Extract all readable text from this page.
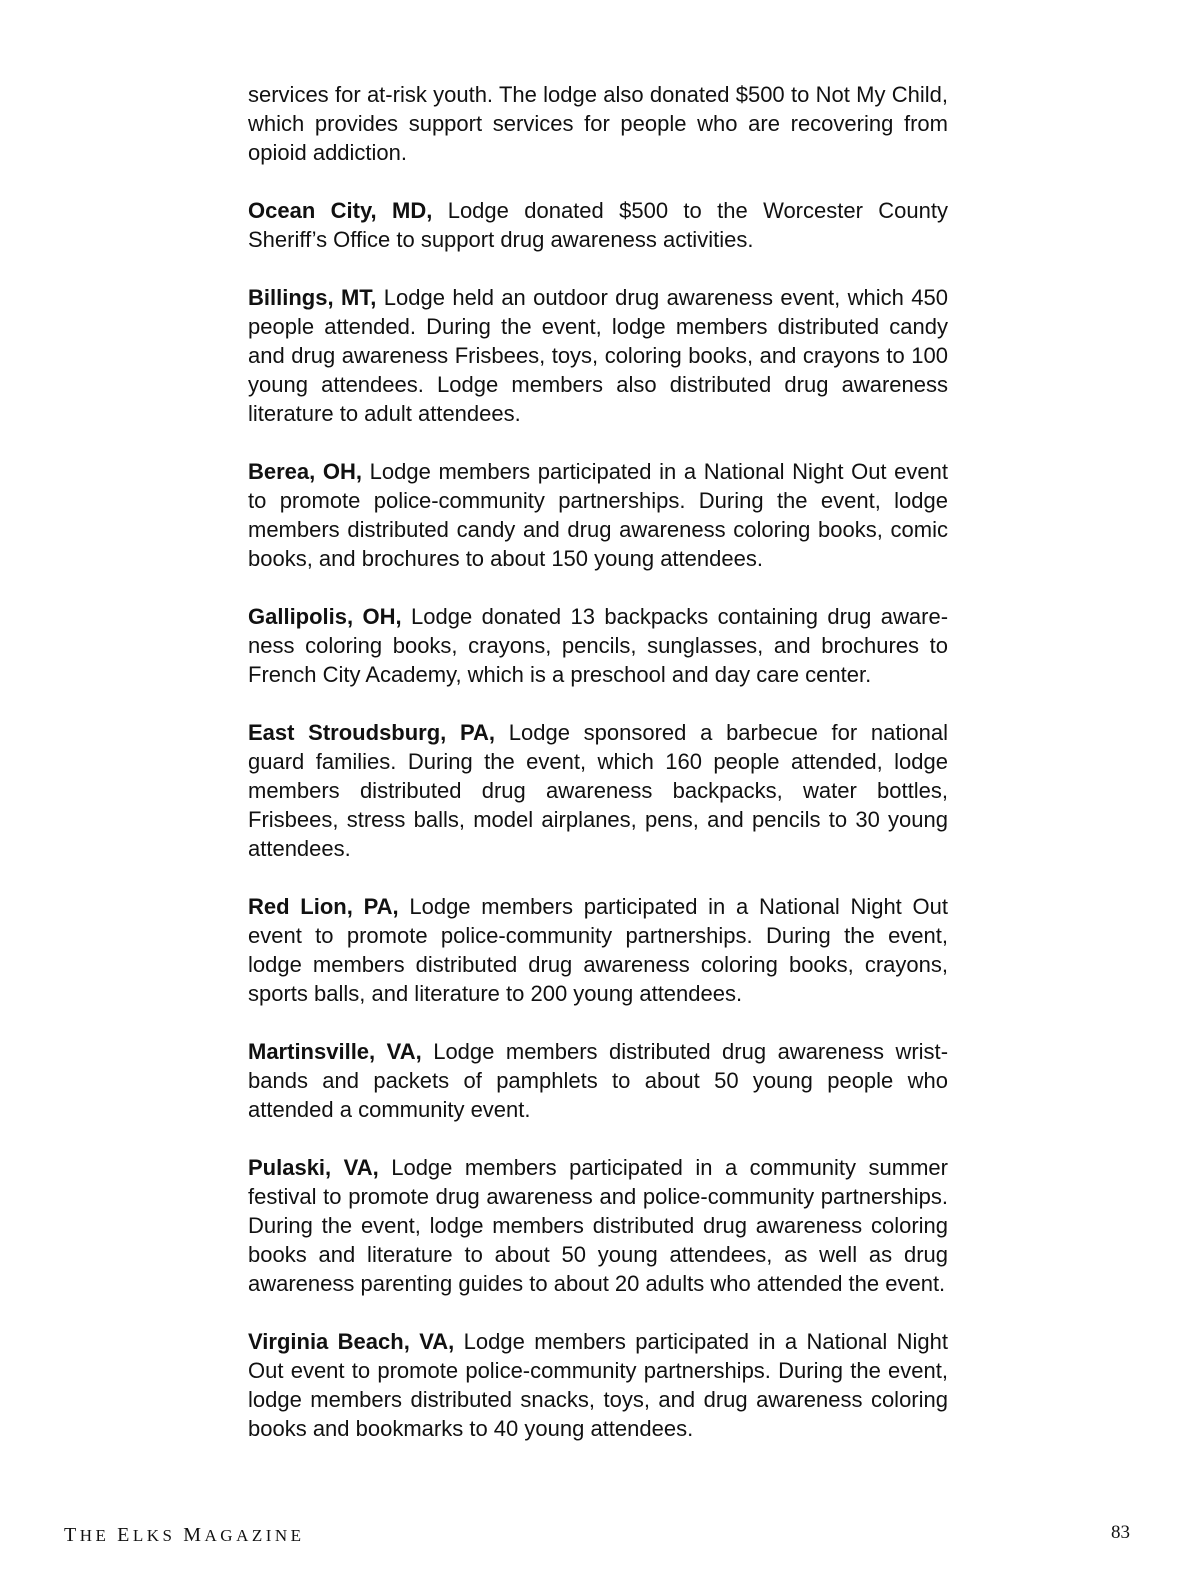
services for at-risk youth. The lodge also donated $500 to Not My Child, which provides support services for people who are recovering from opioid addiction.

Ocean City, MD, Lodge donated $500 to the Worcester County Sheriff’s Office to support drug awareness activities.

Billings, MT, Lodge held an outdoor drug awareness event, which 450 people attended. During the event, lodge members distributed candy and drug awareness Frisbees, toys, coloring books, and crayons to 100 young attendees. Lodge members also distributed drug awareness literature to adult attendees.

Berea, OH, Lodge members participated in a National Night Out event to promote police-community partnerships. During the event, lodge members distributed candy and drug awareness coloring books, comic books, and brochures to about 150 young attendees.

Gallipolis, OH, Lodge donated 13 backpacks containing drug awareness coloring books, crayons, pencils, sunglasses, and brochures to French City Academy, which is a preschool and day care center.

East Stroudsburg, PA, Lodge sponsored a barbecue for national guard families. During the event, which 160 people attended, lodge members distributed drug awareness backpacks, water bottles, Frisbees, stress balls, model airplanes, pens, and pencils to 30 young attendees.

Red Lion, PA, Lodge members participated in a National Night Out event to promote police-community partnerships. During the event, lodge members distributed drug awareness coloring books, crayons, sports balls, and literature to 200 young attendees.

Martinsville, VA, Lodge members distributed drug awareness wristbands and packets of pamphlets to about 50 young people who attended a community event.

Pulaski, VA, Lodge members participated in a community summer festival to promote drug awareness and police-community partnerships. During the event, lodge members distributed drug awareness coloring books and literature to about 50 young attendees, as well as drug awareness parenting guides to about 20 adults who attended the event.

Virginia Beach, VA, Lodge members participated in a National Night Out event to promote police-community partnerships. During the event, lodge members distributed snacks, toys, and drug awareness coloring books and bookmarks to 40 young attendees.

THE ELKS MAGAZINE	83
